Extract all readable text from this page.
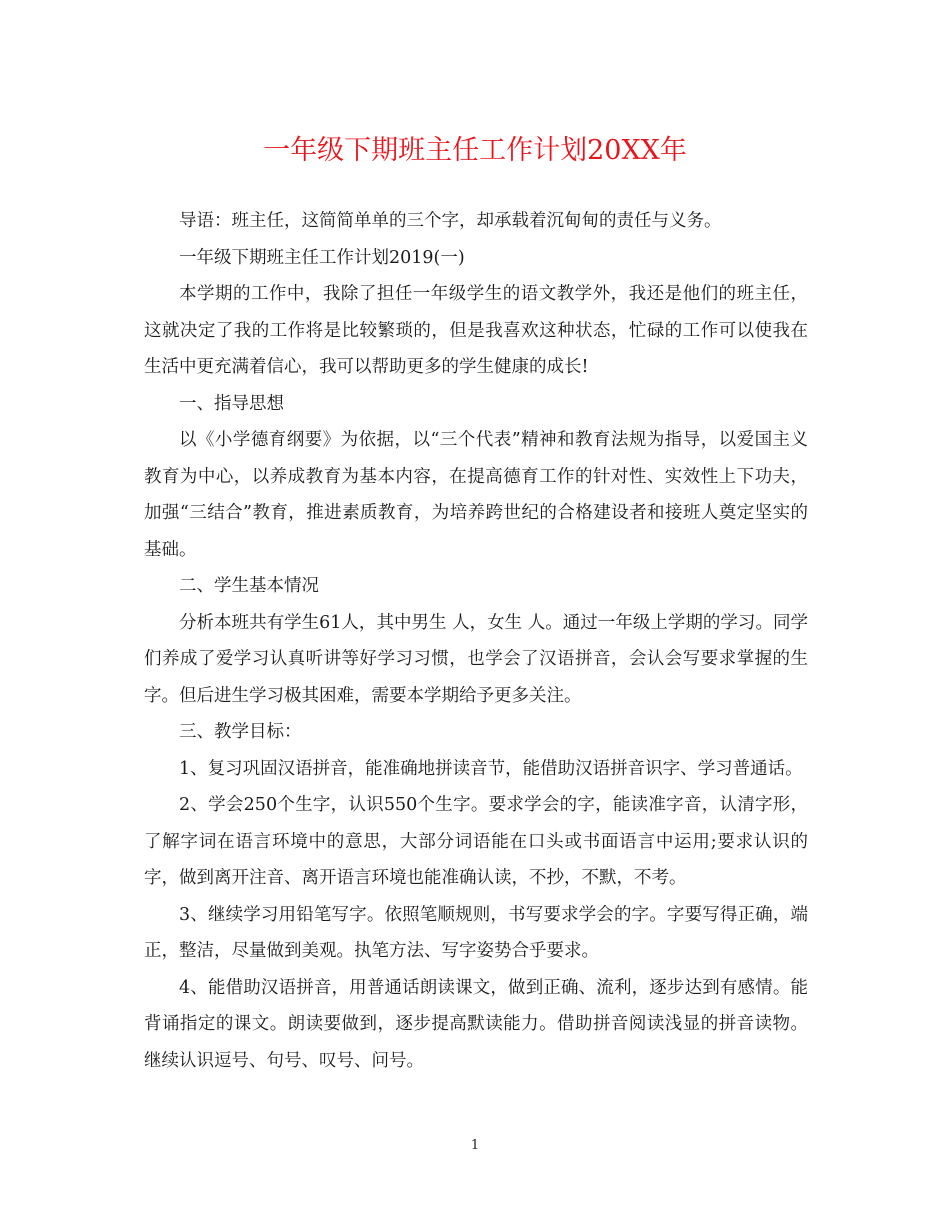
一年级下期班主任工作计划20XX年

导语：班主任，这简简单单的三个字，却承载着沉甸甸的责任与义务。

一年级下期班主任工作计划2019(一)

本学期的工作中，我除了担任一年级学生的语文教学外，我还是他们的班主任，这就决定了我的工作将是比较繁琐的，但是我喜欢这种状态，忙碌的工作可以使我在生活中更充满着信心，我可以帮助更多的学生健康的成长!

一、指导思想

以《小学德育纲要》为依据，以“三个代表”精神和教育法规为指导，以爱国主义教育为中心，以养成教育为基本内容，在提高德育工作的针对性、实效性上下功夫，加强“三结合”教育，推进素质教育，为培养跨世纪的合格建设者和接班人奠定坚实的基础。

二、学生基本情况

分析本班共有学生61人，其中男生 人，女生 人。通过一年级上学期的学习。同学们养成了爱学习认真听讲等好学习习惯，也学会了汉语拼音，会认会写要求掌握的生字。但后进生学习极其困难，需要本学期给予更多关注。

三、教学目标：

1、复习巩固汉语拼音，能准确地拼读音节，能借助汉语拼音识字、学习普通话。

2、学会250个生字，认识550个生字。要求学会的字，能读准字音，认清字形，了解字词在语言环境中的意思，大部分词语能在口头或书面语言中运用;要求认识的字，做到离开注音、离开语言环境也能准确认读，不抄，不默，不考。

3、继续学习用铅笔写字。依照笔顺规则，书写要求学会的字。字要写得正确，端正，整洁，尽量做到美观。执笔方法、写字姿势合乎要求。

4、能借助汉语拼音，用普通话朗读课文，做到正确、流利，逐步达到有感情。能背诵指定的课文。朗读要做到，逐步提高默读能力。借助拼音阅读浅显的拼音读物。继续认识逗号、句号、叹号、问号。

1
